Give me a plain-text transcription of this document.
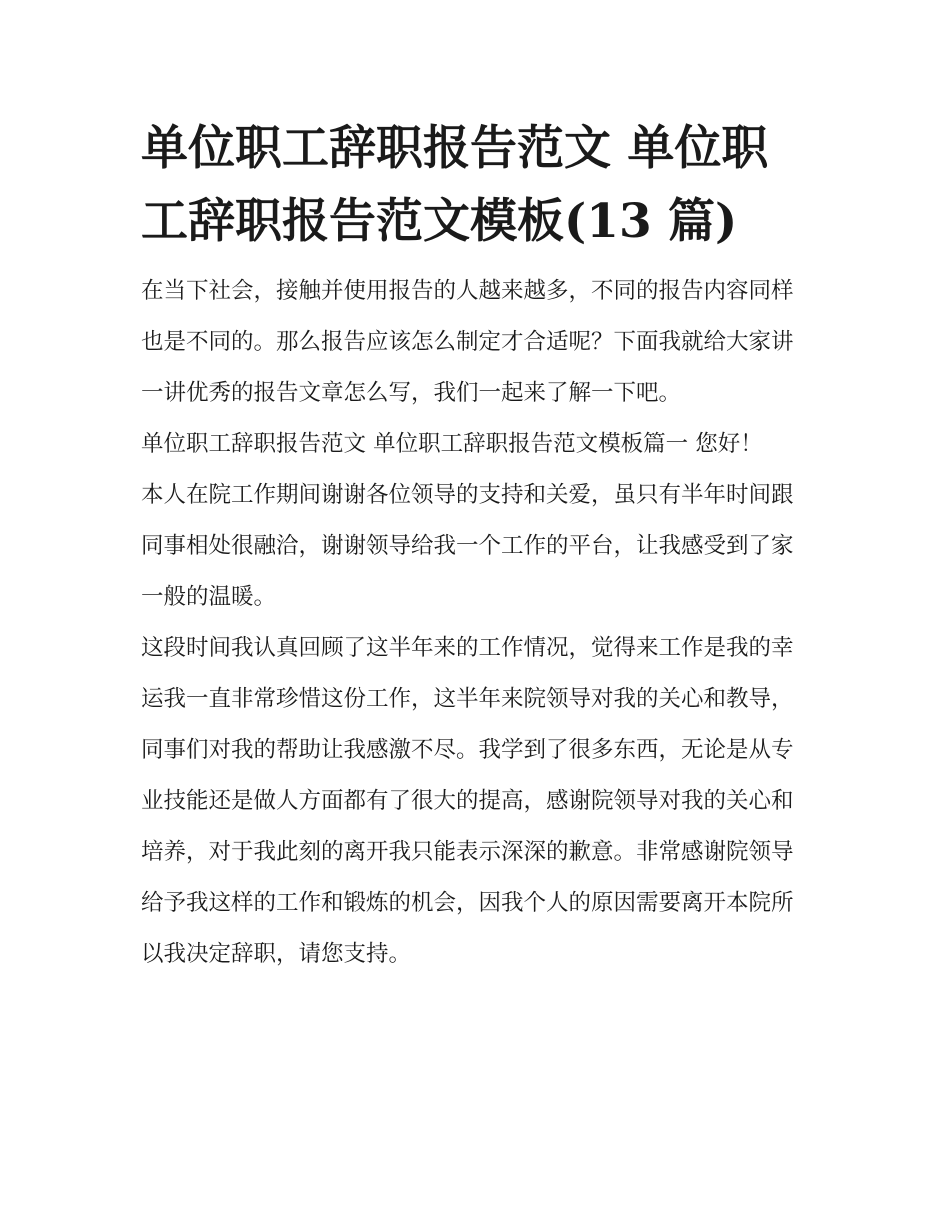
单位职工辞职报告范文 单位职工辞职报告范文模板(13 篇)

在当下社会，接触并使用报告的人越来越多，不同的报告内容同样也是不同的。那么报告应该怎么制定才合适呢？下面我就给大家讲一讲优秀的报告文章怎么写，我们一起来了解一下吧。

单位职工辞职报告范文 单位职工辞职报告范文模板篇一 您好！

本人在院工作期间谢谢各位领导的支持和关爱，虽只有半年时间跟同事相处很融洽，谢谢领导给我一个工作的平台，让我感受到了家一般的温暖。

这段时间我认真回顾了这半年来的工作情况，觉得来工作是我的幸运我一直非常珍惜这份工作，这半年来院领导对我的关心和教导，同事们对我的帮助让我感激不尽。我学到了很多东西，无论是从专业技能还是做人方面都有了很大的提高，感谢院领导对我的关心和培养，对于我此刻的离开我只能表示深深的歉意。非常感谢院领导给予我这样的工作和锻炼的机会，因我个人的原因需要离开本院所以我决定辞职，请您支持。
